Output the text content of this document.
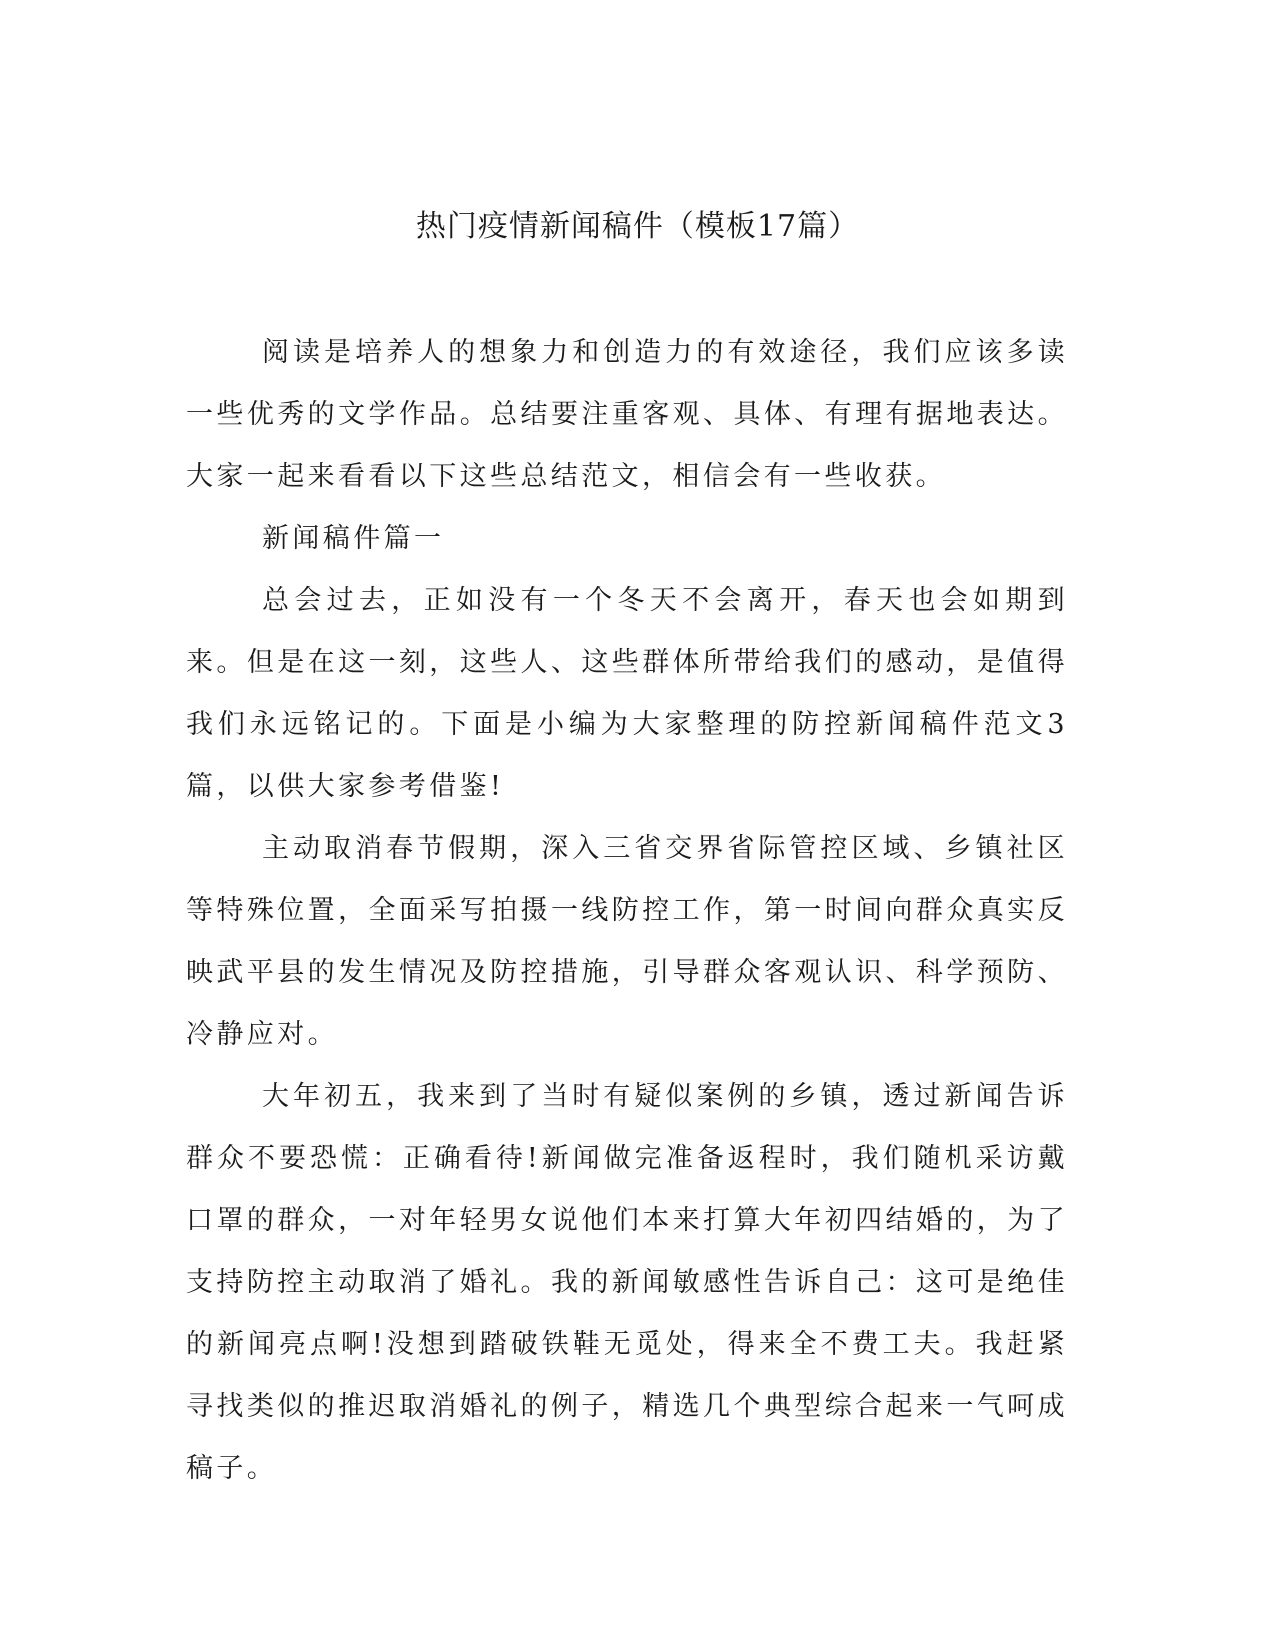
热门疫情新闻稿件（模板17篇）

阅读是培养人的想象力和创造力的有效途径，我们应该多读一些优秀的文学作品。总结要注重客观、具体、有理有据地表达。大家一起来看看以下这些总结范文，相信会有一些收获。

新闻稿件篇一

总会过去，正如没有一个冬天不会离开，春天也会如期到来。但是在这一刻，这些人、这些群体所带给我们的感动，是值得我们永远铭记的。下面是小编为大家整理的防控新闻稿件范文3篇，以供大家参考借鉴!

主动取消春节假期，深入三省交界省际管控区域、乡镇社区等特殊位置，全面采写拍摄一线防控工作，第一时间向群众真实反映武平县的发生情况及防控措施，引导群众客观认识、科学预防、冷静应对。

大年初五，我来到了当时有疑似案例的乡镇，透过新闻告诉群众不要恐慌：正确看待!新闻做完准备返程时，我们随机采访戴口罩的群众，一对年轻男女说他们本来打算大年初四结婚的，为了支持防控主动取消了婚礼。我的新闻敏感性告诉自己：这可是绝佳的新闻亮点啊!没想到踏破铁鞋无觅处，得来全不费工夫。我赶紧寻找类似的推迟取消婚礼的例子，精选几个典型综合起来一气呵成稿子。
